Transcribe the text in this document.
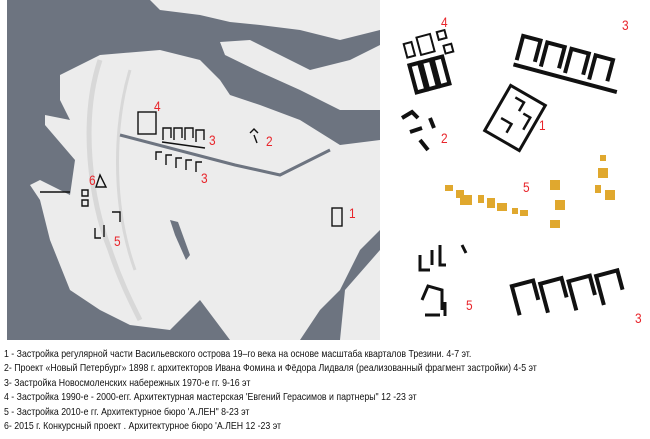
4
3	2
3
6
5
1
4	3
2
1
5
5
3
1 - Застройка регулярной части Васильевского острова 19–го века на основе масштаба кварталов Трезини. 4-7 эт.
2- Проект «Новый Петербург» 1898 г. архитекторов Ивана Фомина и Фёдора Лидваля (реализованный фрагмент застройки) 4-5 эт
3- Застройка Новосмоленских набережных 1970-е гг. 9-16 эт
4 - Застройка 1990-е - 2000-егг. Архитектурная мастерская 'Евгений Герасимов и партнеры" 12 -23 эт
5 - Застройка 2010-е гг. Архитектурное бюро 'А.ЛЕН" 8-23 эт
6- 2015 г. Конкурсный проект . Архитектурное бюро 'А.ЛЕН 12 -23 эт
